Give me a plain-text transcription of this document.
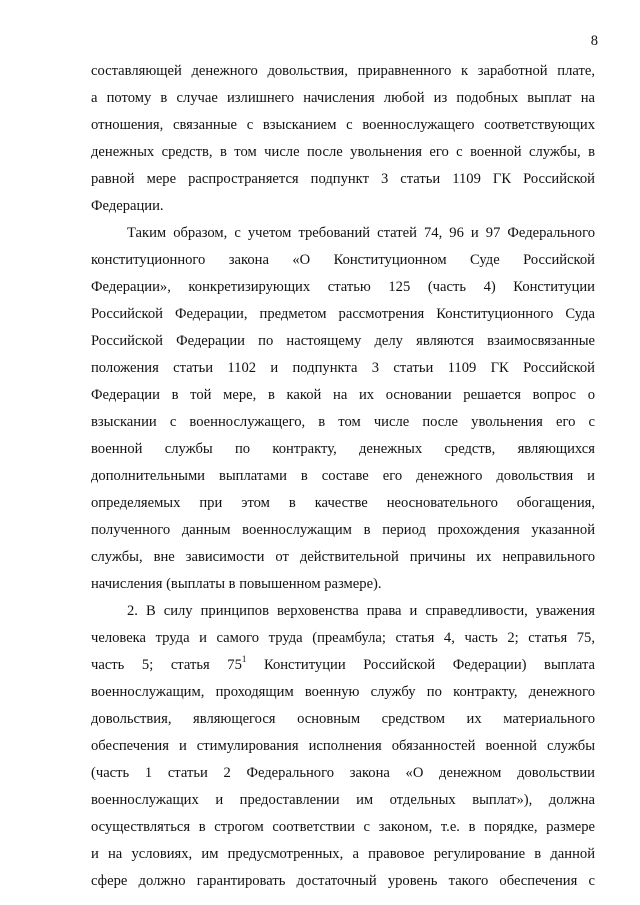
8
составляющей денежного довольствия, приравненного к заработной плате,
а потому в случае излишнего начисления любой из подобных выплат на
отношения, связанные с взысканием с военнослужащего соответствующих
денежных средств, в том числе после увольнения его с военной службы, в
равной мере распространяется подпункт 3 статьи 1109 ГК Российской
Федерации.
Таким образом, с учетом требований статей 74, 96 и 97 Федерального
конституционного закона «О Конституционном Суде Российской
Федерации», конкретизирующих статью 125 (часть 4) Конституции
Российской Федерации, предметом рассмотрения Конституционного Суда
Российской Федерации по настоящему делу являются взаимосвязанные
положения статьи 1102 и подпункта 3 статьи 1109 ГК Российской
Федерации в той мере, в какой на их основании решается вопрос о
взыскании с военнослужащего, в том числе после увольнения его с
военной службы по контракту, денежных средств, являющихся
дополнительными выплатами в составе его денежного довольствия и
определяемых при этом в качестве неосновательного обогащения,
полученного данным военнослужащим в период прохождения указанной
службы, вне зависимости от действительной причины их неправильного
начисления (выплаты в повышенном размере).
2. В силу принципов верховенства права и справедливости, уважения
человека труда и самого труда (преамбула; статья 4, часть 2; статья 75,
часть 5; статья $75^1$ Конституции Российской Федерации) выплата
военнослужащим, проходящим военную службу по контракту, денежного
довольствия, являющегося основным средством их материального
обеспечения и стимулирования исполнения обязанностей военной службы
(часть 1 статьи 2 Федерального закона «О денежном довольствии
военнослужащих и предоставлении им отдельных выплат»), должна
осуществляться в строгом соответствии с законом, т.е. в порядке, размере
и на условиях, им предусмотренных, а правовое регулирование в данной
сфере должно гарантировать достаточный уровень такого обеспечения с
